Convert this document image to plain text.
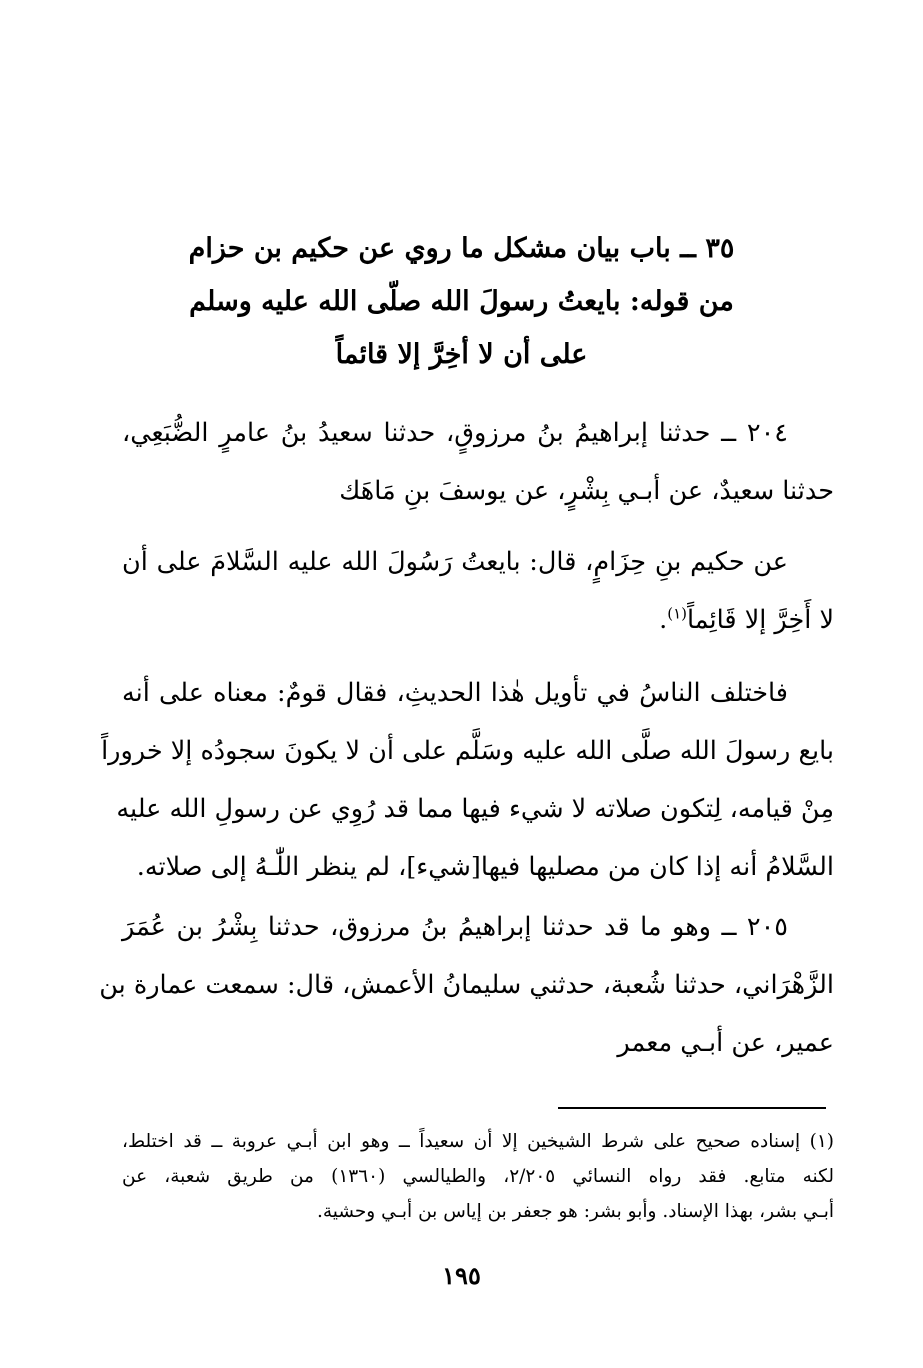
٣٥ ــ باب بيان مشكل ما روي عن حكيم بن حزام
من قوله: بايعتُ رسولَ الله صلّى الله عليه وسلم
على أن لا أخِرَّ إلا قائماً
٢٠٤ ــ حدثنا إبراهيمُ بنُ مرزوقٍ، حدثنا سعيدُ بنُ عامرٍ الضُّبَعِي،
حدثنا سعيدٌ، عن أبـي بِشْرٍ، عن يوسفَ بنِ مَاهَك
عن حكيم بنِ حِزَامٍ، قال: بايعتُ رَسُولَ الله عليه السَّلامَ على أن
لا أَخِرَّ إلا قَائِماً$^{(١)}$.
فاختلف الناسُ في تأويل هٰذا الحديثِ، فقال قومٌ: معناه على أنه
بايع رسولَ الله صلَّى الله عليه وسَلَّم على أن لا يكونَ سجودُه إلا خروراً
مِنْ قيامه، لِتكون صلاته لا شيء فيها مما قد رُوِي عن رسولِ الله عليه
السَّلامُ أنه إذا كان من مصليها فيها[شيء]، لم ينظر اللّٰـهُ إلى صلاته.
٢٠٥ ــ وهو ما قد حدثنا إبراهيمُ بنُ مرزوق، حدثنا بِشْرُ بن عُمَرَ
الزَّهْرَاني، حدثنا شُعبة، حدثني سليمانُ الأعمش، قال: سمعت عمارة بن
عمير، عن أبـي معمر
(١) إسناده صحيح على شرط الشيخين إلا أن سعيداً ــ وهو ابن أبـي عروبة ــ قد اختلط،
لكنه متابع. فقد رواه النسائي ٢/٢٠٥، والطيالسي (١٣٦٠) من طريق شعبة، عن
أبـي بشر، بهذا الإسناد. وأبو بشر: هو جعفر بن إياس بن أبـي وحشية.
١٩٥
